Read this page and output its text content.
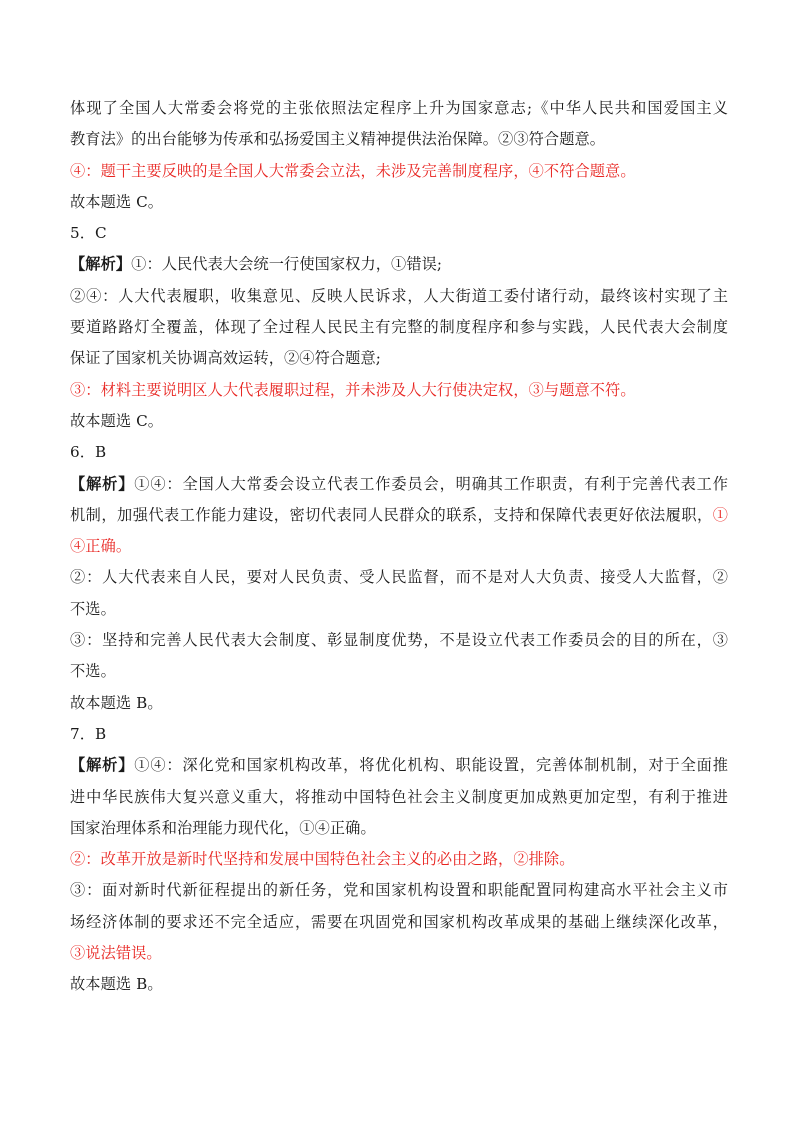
体现了全国人大常委会将党的主张依照法定程序上升为国家意志;《中华人民共和国爱国主义
教育法》的出台能够为传承和弘扬爱国主义精神提供法治保障。②③符合题意。
④：题干主要反映的是全国人大常委会立法，未涉及完善制度程序，④不符合题意。
故本题选 C。
5．C
【解析】①：人民代表大会统一行使国家权力，①错误;
②④：人大代表履职，收集意见、反映人民诉求，人大街道工委付诸行动，最终该村实现了主
要道路路灯全覆盖，体现了全过程人民民主有完整的制度程序和参与实践，人民代表大会制度
保证了国家机关协调高效运转，②④符合题意;
③：材料主要说明区人大代表履职过程，并未涉及人大行使决定权，③与题意不符。
故本题选 C。
6．B
【解析】①④：全国人大常委会设立代表工作委员会，明确其工作职责，有利于完善代表工作
机制，加强代表工作能力建设，密切代表同人民群众的联系，支持和保障代表更好依法履职，①
④正确。
②：人大代表来自人民，要对人民负责、受人民监督，而不是对人大负责、接受人大监督，②
不选。
③：坚持和完善人民代表大会制度、彰显制度优势，不是设立代表工作委员会的目的所在，③
不选。
故本题选 B。
7．B
【解析】①④：深化党和国家机构改革，将优化机构、职能设置，完善体制机制，对于全面推
进中华民族伟大复兴意义重大，将推动中国特色社会主义制度更加成熟更加定型，有利于推进
国家治理体系和治理能力现代化，①④正确。
②：改革开放是新时代坚持和发展中国特色社会主义的必由之路，②排除。
③：面对新时代新征程提出的新任务，党和国家机构设置和职能配置同构建高水平社会主义市
场经济体制的要求还不完全适应，需要在巩固党和国家机构改革成果的基础上继续深化改革，
③说法错误。
故本题选 B。
